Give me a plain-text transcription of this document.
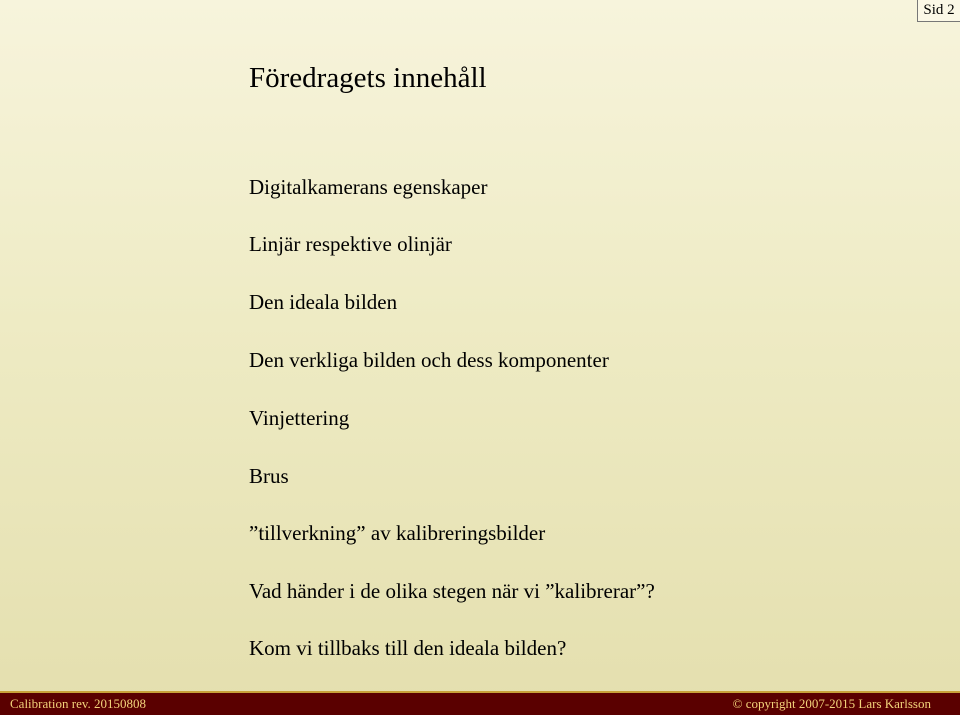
Sid 2
Föredragets innehåll
Digitalkamerans egenskaper
Linjär respektive olinjär
Den ideala bilden
Den verkliga bilden och dess komponenter
Vinjettering
Brus
”tillverkning” av kalibreringsbilder
Vad händer i de olika stegen när vi ”kalibrerar”?
Kom vi tillbaks till den ideala bilden?
Calibration rev. 20150808	© copyright 2007-2015 Lars Karlsson
